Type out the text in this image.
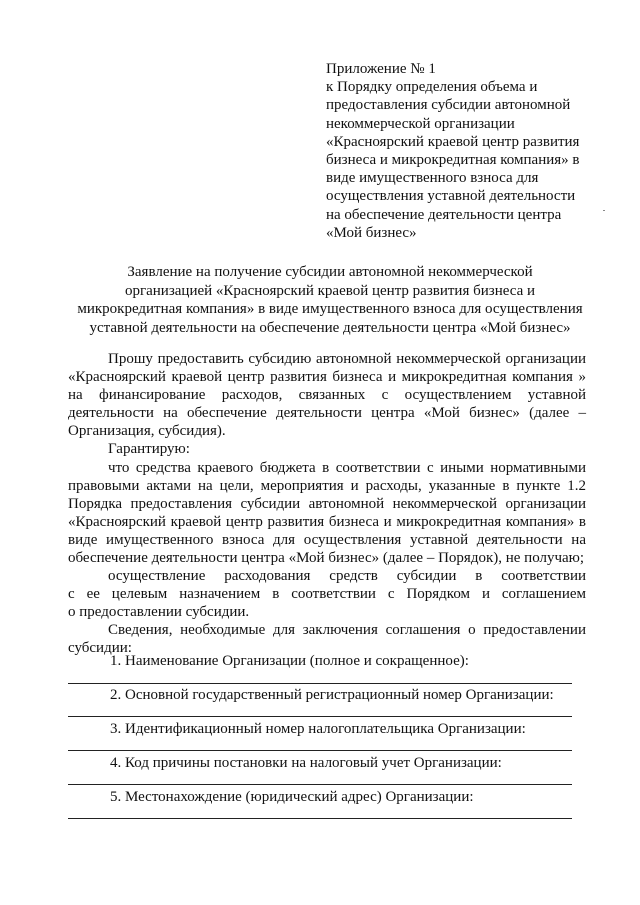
Приложение № 1
к Порядку определения объема и
предоставления субсидии автономной
некоммерческой организации
«Красноярский краевой центр развития
бизнеса и микрокредитная компания» в
виде имущественного взноса для
осуществления уставной деятельности
на обеспечение деятельности центра
«Мой бизнес»
Заявление на получение субсидии автономной некоммерческой
организацией «Красноярский краевой центр развития бизнеса и
микрокредитная компания» в виде имущественного взноса для осуществления
уставной деятельности на обеспечение деятельности центра «Мой бизнес»
Прошу предоставить субсидию автономной некоммерческой организации
«Красноярский краевой центр развития бизнеса и микрокредитная компания »
на финансирование расходов, связанных с осуществлением уставной
деятельности на обеспечение деятельности центра «Мой бизнес» (далее –
Организация, субсидия).
Гарантирую:
что средства краевого бюджета в соответствии с иными нормативными
правовыми актами на цели, мероприятия и расходы, указанные в пункте 1.2
Порядка предоставления субсидии автономной некоммерческой организации
«Красноярский краевой центр развития бизнеса и микрокредитная компания» в
виде имущественного взноса для осуществления уставной деятельности на
обеспечение деятельности центра «Мой бизнес» (далее – Порядок), не получаю;
осуществление расходования средств субсидии в соответствии
с ее целевым назначением в соответствии с Порядком и соглашением
о предоставлении субсидии.
Сведения, необходимые для заключения соглашения о предоставлении
субсидии:
1. Наименование Организации (полное и сокращенное):
2. Основной государственный регистрационный номер Организации:
3. Идентификационный номер налогоплательщика Организации:
4. Код причины постановки на налоговый учет Организации:
5. Местонахождение (юридический адрес) Организации:
